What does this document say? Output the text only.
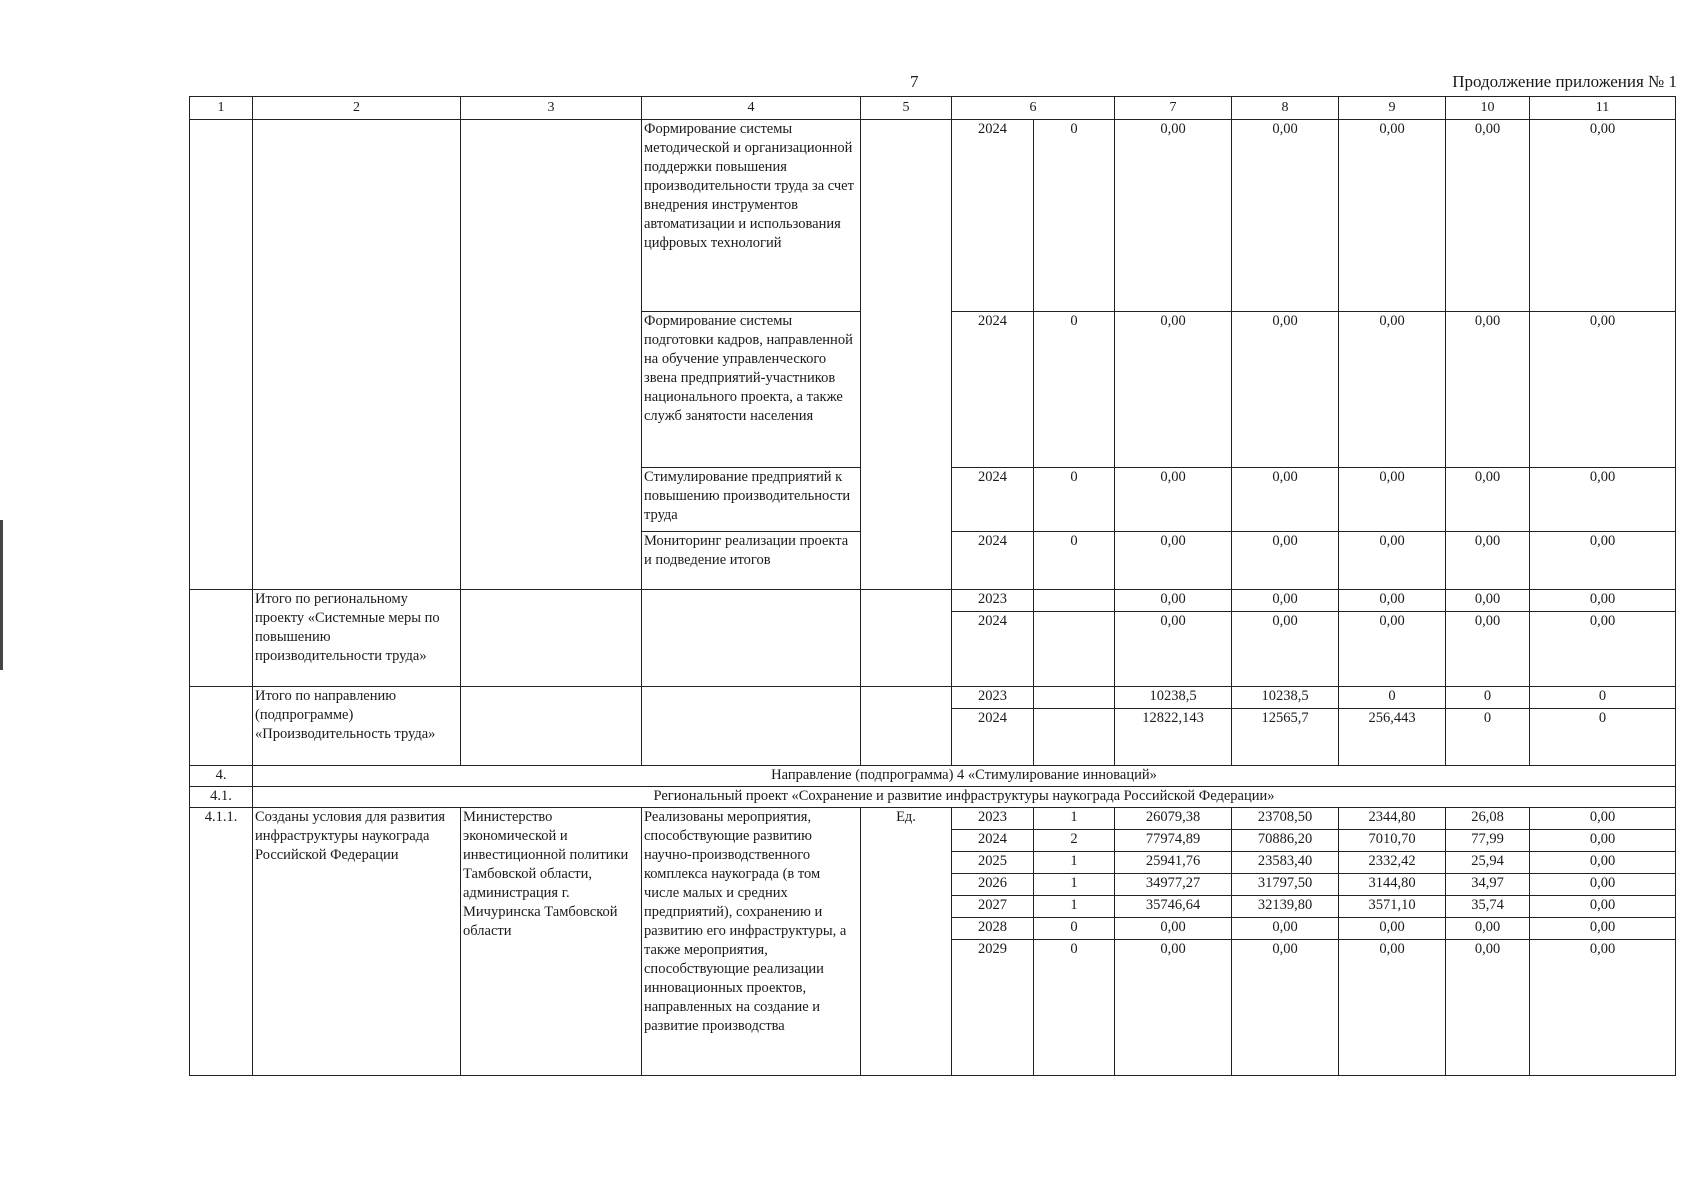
7	Продолжение приложения № 1
1	2	3	4	5	6		7	8	9	10	11
			Формирование системы методической и организационной поддержки повышения производительности труда за счет внедрения инструментов автоматизации и использования цифровых технологий		2024	0	0,00	0,00	0,00	0,00	0,00
			Формирование системы подготовки кадров, направленной на обучение управленческого звена предприятий-участников национального проекта, а также служб занятости населения		2024	0	0,00	0,00	0,00	0,00	0,00
			Стимулирование предприятий к повышению производительности труда		2024	0	0,00	0,00	0,00	0,00	0,00
			Мониторинг реализации проекта и подведение итогов		2024	0	0,00	0,00	0,00	0,00	0,00
	Итого по региональному проекту «Системные меры по повышению производительности труда»				2023		0,00	0,00	0,00	0,00	0,00
					2024		0,00	0,00	0,00	0,00	0,00
	Итого по направлению (подпрограмме) «Производительность труда»				2023		10238,5	10238,5	0	0	0
					2024		12822,143	12565,7	256,443	0	0
4.	Направление (подпрограмма) 4 «Стимулирование инноваций»										
4.1.	Региональный проект «Сохранение и развитие инфраструктуры наукограда Российской Федерации»										
4.1.1.	Созданы условия для развития инфраструктуры наукограда Российской Федерации	Министерство экономической и инвестиционной политики Тамбовской области, администрация г. Мичуринска Тамбовской области	Реализованы мероприятия, способствующие развитию научно-производственного комплекса наукограда (в том числе малых и средних предприятий), сохранению и развитию его инфраструктуры, а также мероприятия, способствующие реализации инновационных проектов, направленных на создание и развитие производства	Ед.	2023	1	26079,38	23708,50	2344,80	26,08	0,00
					2024	2	77974,89	70886,20	7010,70	77,99	0,00
					2025	1	25941,76	23583,40	2332,42	25,94	0,00
					2026	1	34977,27	31797,50	3144,80	34,97	0,00
					2027	1	35746,64	32139,80	3571,10	35,74	0,00
					2028	0	0,00	0,00	0,00	0,00	0,00
					2029	0	0,00	0,00	0,00	0,00	0,00
